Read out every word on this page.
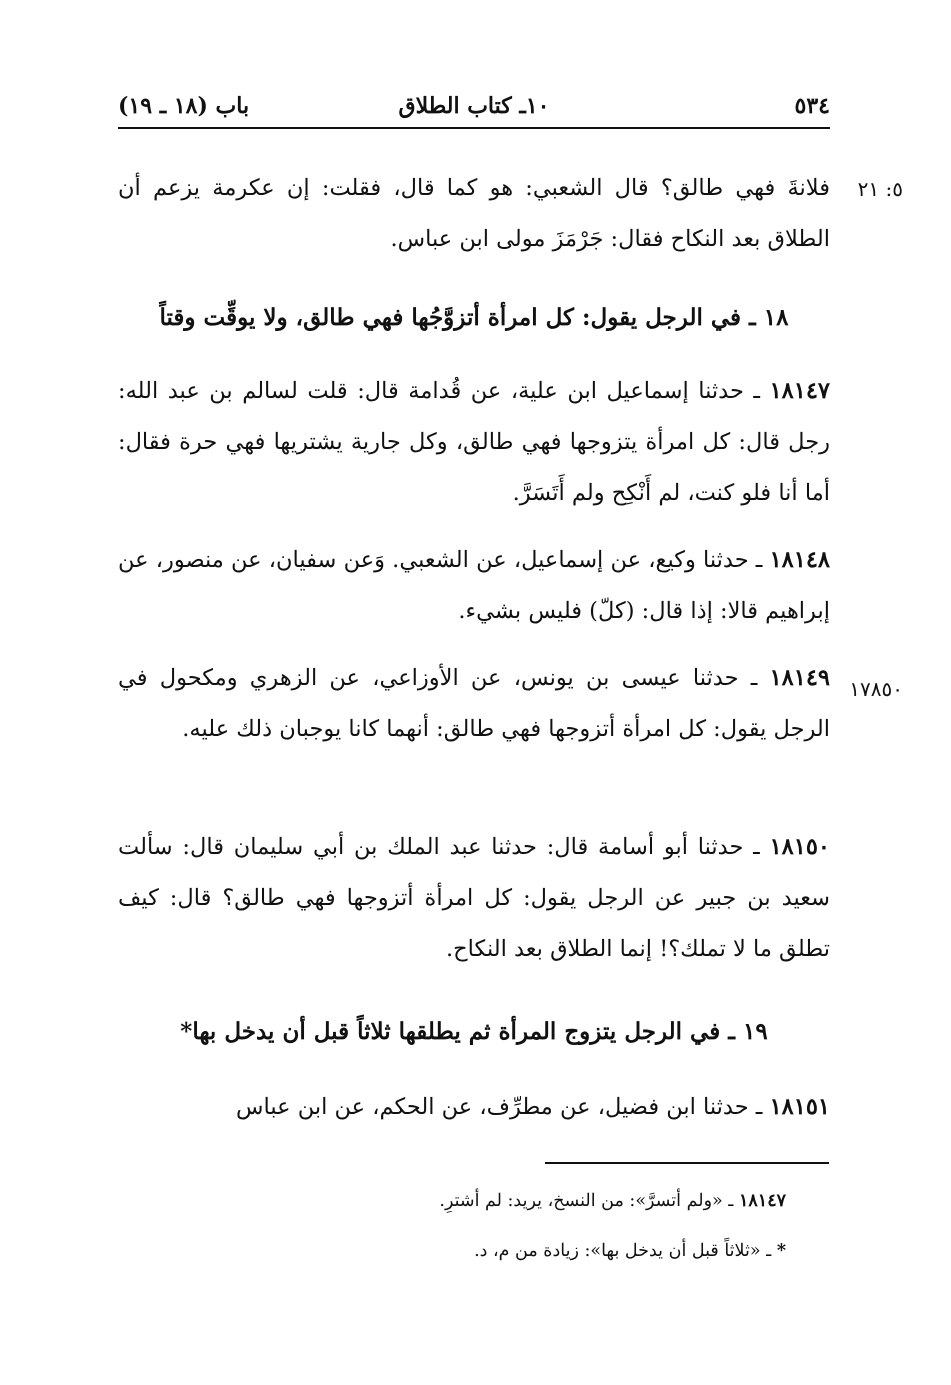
٥٣٤
١٠ـ كتاب الطلاق
باب (١٨ ـ ١٩)
٥: ٢١
فلانةَ فهي طالق؟ قال الشعبي: هو كما قال، فقلت: إن عكرمة يزعم أن الطلاق بعد النكاح فقال: جَرْمَزَ مولى ابن عباس.
١٨ ـ في الرجل يقول: كل امرأة أتزوَّجُها فهي طالق، ولا يوقِّت وقتاً
١٨١٤٧ ـ حدثنا إسماعيل ابن علية، عن قُدامة قال: قلت لسالم بن عبد الله: رجل قال: كل امرأة يتزوجها فهي طالق، وكل جارية يشتريها فهي حرة فقال: أما أنا فلو كنت، لم أَنْكِح ولم أَتَسَرَّ.
١٨١٤٨ ـ حدثنا وكيع، عن إسماعيل، عن الشعبي. وَعن سفيان، عن منصور، عن إبراهيم قالا: إذا قال: (كلّ) فليس بشيء.
١٧٨٥٠
١٨١٤٩ ـ حدثنا عيسى بن يونس، عن الأوزاعي، عن الزهري ومكحول في الرجل يقول: كل امرأة أتزوجها فهي طالق: أنهما كانا يوجبان ذلك عليه.
١٨١٥٠ ـ حدثنا أبو أسامة قال: حدثنا عبد الملك بن أبي سليمان قال: سألت سعيد بن جبير عن الرجل يقول: كل امرأة أتزوجها فهي طالق؟ قال: كيف تطلق ما لا تملك؟! إنما الطلاق بعد النكاح.
١٩ ـ في الرجل يتزوج المرأة ثم يطلقها ثلاثاً قبل أن يدخل بها*
١٨١٥١ ـ حدثنا ابن فضيل، عن مطرِّف، عن الحكم، عن ابن عباس
١٨١٤٧ ـ «ولم أتسرَّ»: من النسخ، يريد: لم أشترِ.
* ـ «ثلاثاً قبل أن يدخل بها»: زيادة من م، د.
